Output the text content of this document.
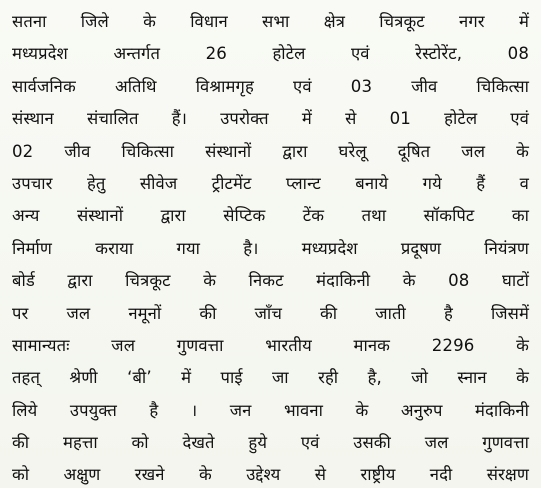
सतना जिले के विधान सभा क्षेत्र चित्रकूट नगर में
मध्यप्रदेश अन्तर्गत 26 होटेल एवं रेस्टोरेंट, 08
सार्वजनिक अतिथि विश्रामगृह एवं 03 जीव चिकित्सा
संस्थान संचालित हैं। उपरोक्त में से 01 होटेल एवं
02 जीव चिकित्सा संस्थानों द्वारा घरेलू दूषित जल के
उपचार हेतु सीवेज ट्रीटमेंट प्लान्ट बनाये गये हैं व
अन्य संस्थानों द्वारा सेप्टिक टेंक तथा सॉकपिट का
निर्माण कराया गया है। मध्यप्रदेश प्रदूषण नियंत्रण
बोर्ड द्वारा चित्रकूट के निकट मंदाकिनी के 08 घाटों
पर जल नमूनों की जॉंच की जाती है जिसमें
सामान्यतः जल गुणवत्ता भारतीय मानक 2296 के
तहत् श्रेणी ‘बी’ में पाई जा रही है, जो स्नान के
लिये उपयुक्त है । जन भावना के अनुरुप मंदाकिनी
की महत्ता को देखते हुये एवं उसकी जल गुणवत्ता
को अक्षुण रखने के उद्देश्य से राष्ट्रीय नदी संरक्षण
